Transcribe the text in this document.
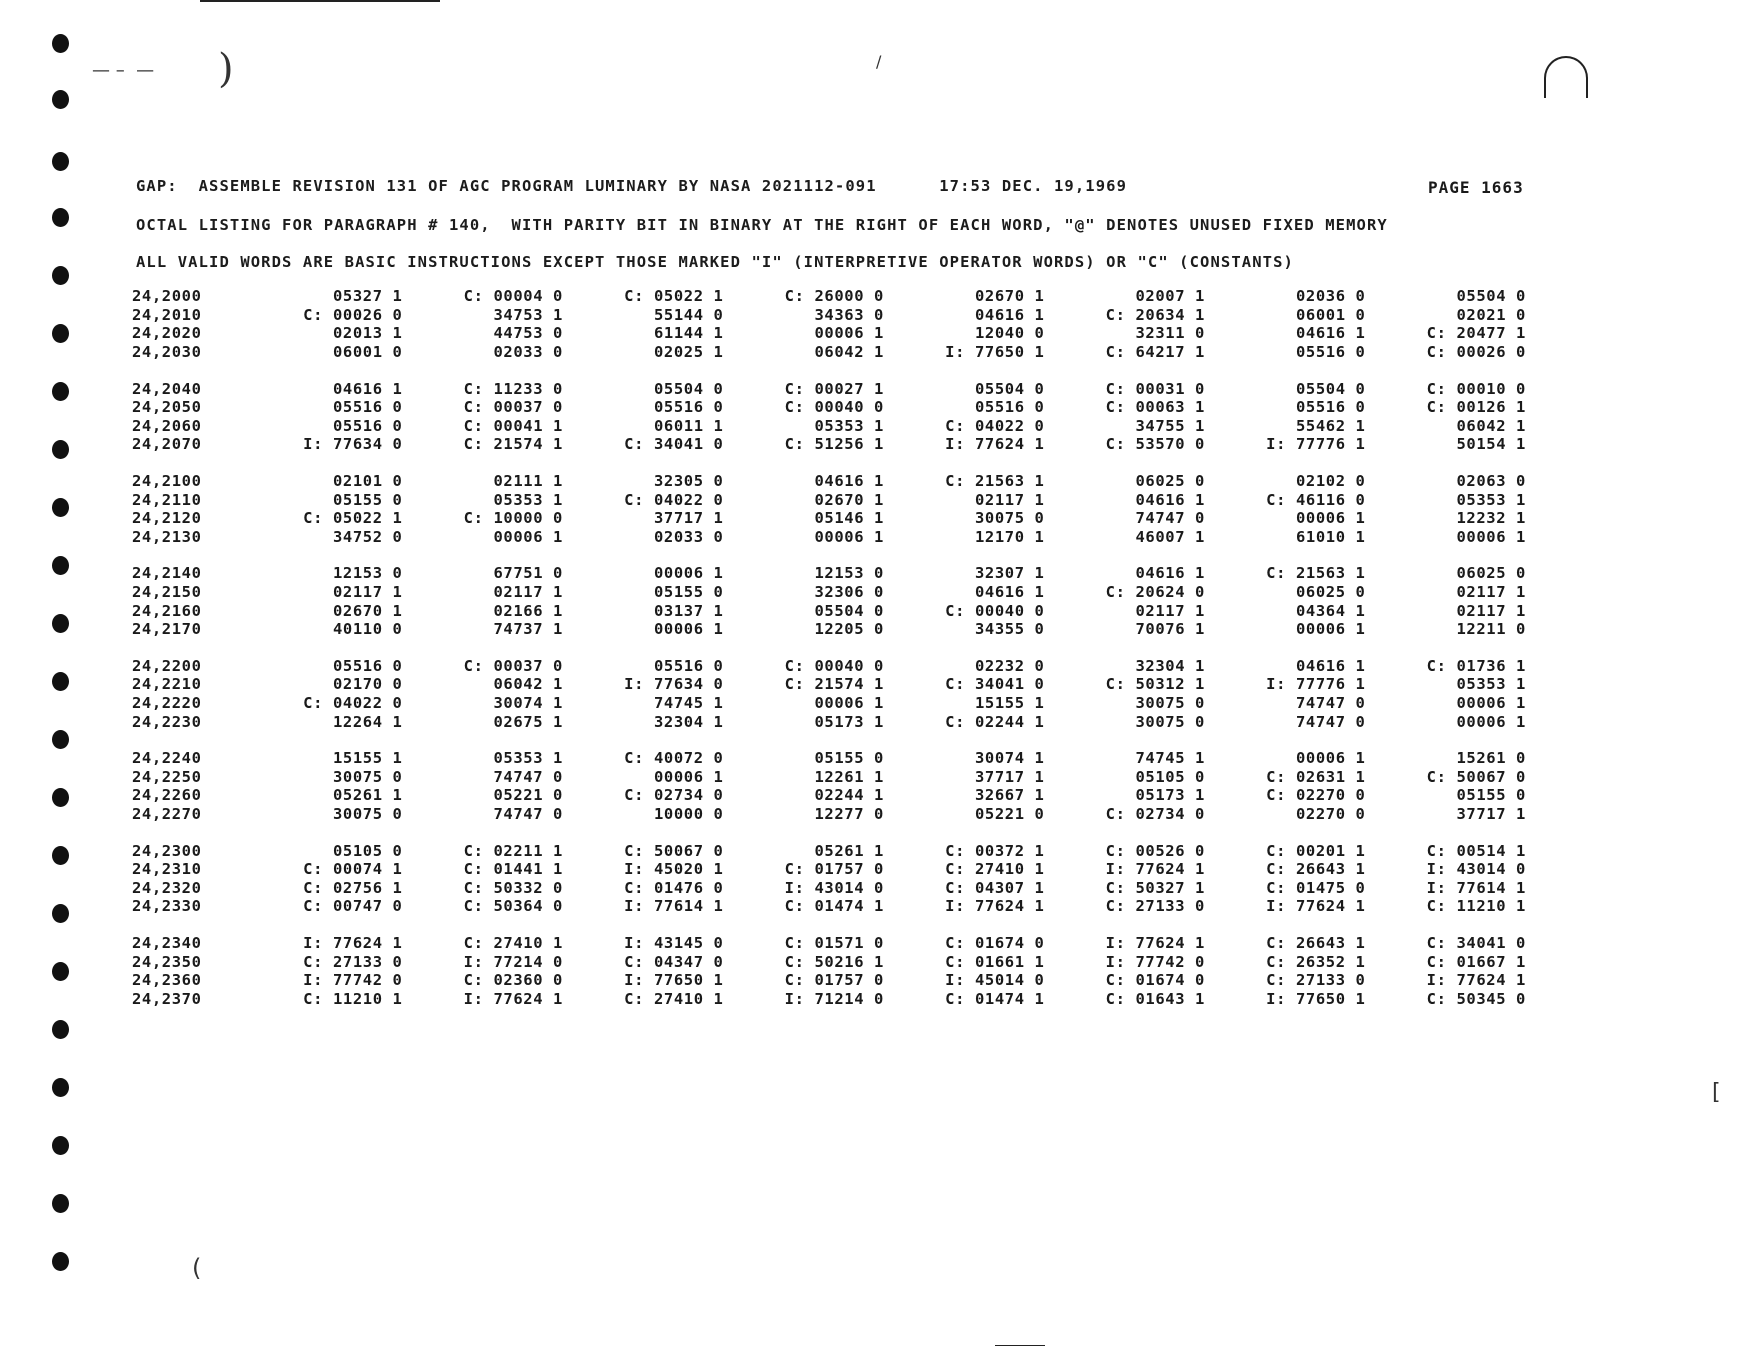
— –  — )	/
[
(
GAP:  ASSEMBLE REVISION 131 OF AGC PROGRAM LUMINARY BY NASA 2021112-091      17:53 DEC. 19,1969	PAGE 1663
OCTAL LISTING FOR PARAGRAPH # 140,  WITH PARITY BIT IN BINARY AT THE RIGHT OF EACH WORD, "@" DENOTES UNUSED FIXED MEMORY
ALL VALID WORDS ARE BASIC INSTRUCTIONS EXCEPT THOSE MARKED "I" (INTERPRETIVE OPERATOR WORDS) OR "C" (CONSTANTS)
24,2000	05327 1	C: 00004 0	C: 05022 1	C: 26000 0	02670 1	02007 1	02036 0	05504 0
24,2010	C: 00026 0	34753 1	55144 0	34363 0	04616 1	C: 20634 1	06001 0	02021 0
24,2020	02013 1	44753 0	61144 1	00006 1	12040 0	32311 0	04616 1	C: 20477 1
24,2030	06001 0	02033 0	02025 1	06042 1	I: 77650 1	C: 64217 1	05516 0	C: 00026 0
24,2040	04616 1	C: 11233 0	05504 0	C: 00027 1	05504 0	C: 00031 0	05504 0	C: 00010 0
24,2050	05516 0	C: 00037 0	05516 0	C: 00040 0	05516 0	C: 00063 1	05516 0	C: 00126 1
24,2060	05516 0	C: 00041 1	06011 1	05353 1	C: 04022 0	34755 1	55462 1	06042 1
24,2070	I: 77634 0	C: 21574 1	C: 34041 0	C: 51256 1	I: 77624 1	C: 53570 0	I: 77776 1	50154 1
24,2100	02101 0	02111 1	32305 0	04616 1	C: 21563 1	06025 0	02102 0	02063 0
24,2110	05155 0	05353 1	C: 04022 0	02670 1	02117 1	04616 1	C: 46116 0	05353 1
24,2120	C: 05022 1	C: 10000 0	37717 1	05146 1	30075 0	74747 0	00006 1	12232 1
24,2130	34752 0	00006 1	02033 0	00006 1	12170 1	46007 1	61010 1	00006 1
24,2140	12153 0	67751 0	00006 1	12153 0	32307 1	04616 1	C: 21563 1	06025 0
24,2150	02117 1	02117 1	05155 0	32306 0	04616 1	C: 20624 0	06025 0	02117 1
24,2160	02670 1	02166 1	03137 1	05504 0	C: 00040 0	02117 1	04364 1	02117 1
24,2170	40110 0	74737 1	00006 1	12205 0	34355 0	70076 1	00006 1	12211 0
24,2200	05516 0	C: 00037 0	05516 0	C: 00040 0	02232 0	32304 1	04616 1	C: 01736 1
24,2210	02170 0	06042 1	I: 77634 0	C: 21574 1	C: 34041 0	C: 50312 1	I: 77776 1	05353 1
24,2220	C: 04022 0	30074 1	74745 1	00006 1	15155 1	30075 0	74747 0	00006 1
24,2230	12264 1	02675 1	32304 1	05173 1	C: 02244 1	30075 0	74747 0	00006 1
24,2240	15155 1	05353 1	C: 40072 0	05155 0	30074 1	74745 1	00006 1	15261 0
24,2250	30075 0	74747 0	00006 1	12261 1	37717 1	05105 0	C: 02631 1	C: 50067 0
24,2260	05261 1	05221 0	C: 02734 0	02244 1	32667 1	05173 1	C: 02270 0	05155 0
24,2270	30075 0	74747 0	10000 0	12277 0	05221 0	C: 02734 0	02270 0	37717 1
24,2300	05105 0	C: 02211 1	C: 50067 0	05261 1	C: 00372 1	C: 00526 0	C: 00201 1	C: 00514 1
24,2310	C: 00074 1	C: 01441 1	I: 45020 1	C: 01757 0	C: 27410 1	I: 77624 1	C: 26643 1	I: 43014 0
24,2320	C: 02756 1	C: 50332 0	C: 01476 0	I: 43014 0	C: 04307 1	C: 50327 1	C: 01475 0	I: 77614 1
24,2330	C: 00747 0	C: 50364 0	I: 77614 1	C: 01474 1	I: 77624 1	C: 27133 0	I: 77624 1	C: 11210 1
24,2340	I: 77624 1	C: 27410 1	I: 43145 0	C: 01571 0	C: 01674 0	I: 77624 1	C: 26643 1	C: 34041 0
24,2350	C: 27133 0	I: 77214 0	C: 04347 0	C: 50216 1	C: 01661 1	I: 77742 0	C: 26352 1	C: 01667 1
24,2360	I: 77742 0	C: 02360 0	I: 77650 1	C: 01757 0	I: 45014 0	C: 01674 0	C: 27133 0	I: 77624 1
24,2370	C: 11210 1	I: 77624 1	C: 27410 1	I: 71214 0	C: 01474 1	C: 01643 1	I: 77650 1	C: 50345 0
